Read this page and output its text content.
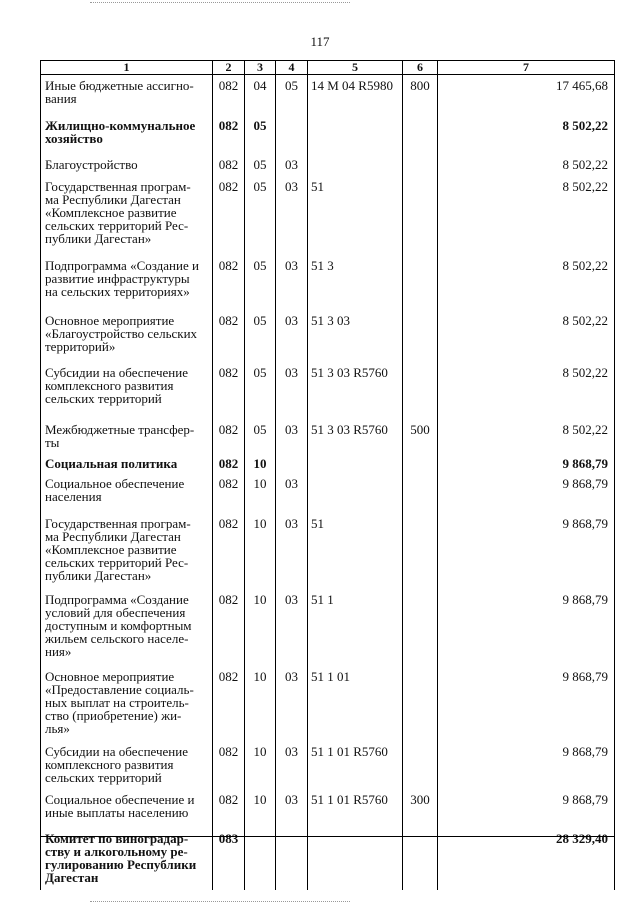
117
1	2	3	4	5	6	7
Иные бюджетные ассигно-
вания	082	04	05	14 М 04 R5980	800	17 465,68
Жилищно-коммунальное
хозяйство	082	05				8 502,22
Благоустройство	082	05	03			8 502,22
Государственная програм-
ма Республики Дагестан
«Комплексное развитие
сельских территорий Рес-
публики Дагестан»	082	05	03	51		8 502,22
Подпрограмма «Создание и
развитие инфраструктуры
на сельских территориях»	082	05	03	51 3		8 502,22
Основное мероприятие
«Благоустройство сельских
территорий»	082	05	03	51 3 03		8 502,22
Субсидии на обеспечение
комплексного развития
сельских территорий	082	05	03	51 3 03 R5760		8 502,22
Межбюджетные трансфер-
ты	082	05	03	51 3 03 R5760	500	8 502,22
Социальная политика	082	10				9 868,79
Социальное обеспечение
населения	082	10	03			9 868,79
Государственная програм-
ма Республики Дагестан
«Комплексное развитие
сельских территорий Рес-
публики Дагестан»	082	10	03	51		9 868,79
Подпрограмма «Создание
условий для обеспечения
доступным и комфортным
жильем сельского населе-
ния»	082	10	03	51 1		9 868,79
Основное мероприятие
«Предоставление социаль-
ных выплат на строитель-
ство (приобретение) жи-
лья»	082	10	03	51 1 01		9 868,79
Субсидии на обеспечение
комплексного развития
сельских территорий	082	10	03	51 1 01 R5760		9 868,79
Социальное обеспечение и
иные выплаты населению	082	10	03	51 1 01 R5760	300	9 868,79
Комитет по виноградар-
ству и алкогольному ре-
гулированию Республики
Дагестан	083					28 329,40
